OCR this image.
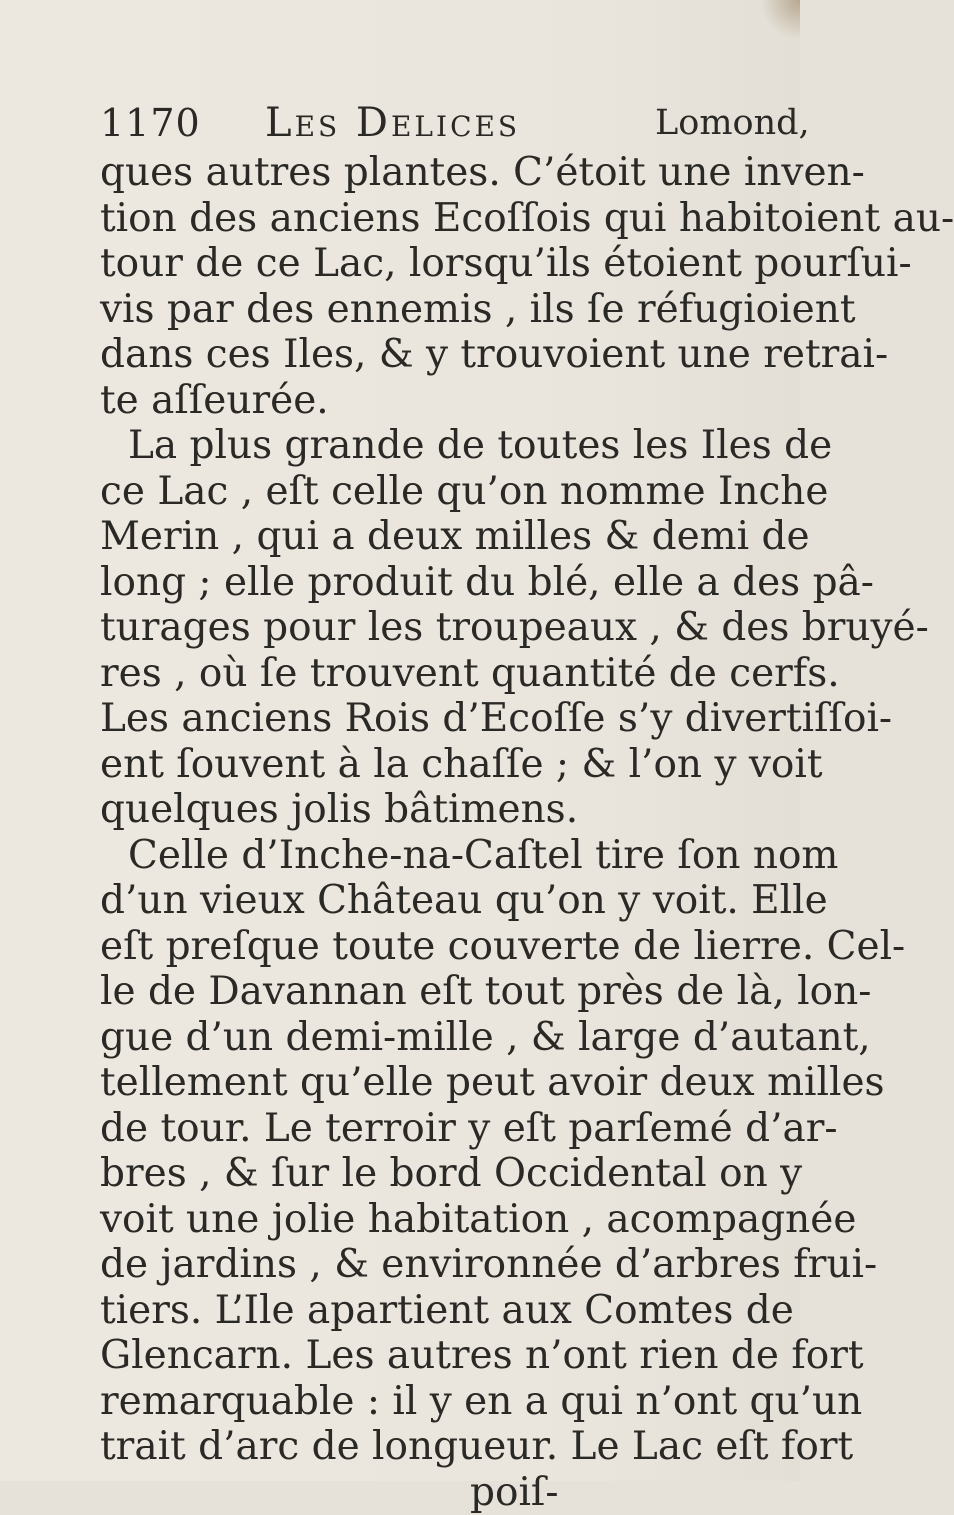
1170 Les Delices	Lomond,
ques autres plantes. C’étoit une inven-
tion des anciens Ecoſſois qui habitoient au-
tour de ce Lac, lorsqu’ils étoient pourſui-
vis par des ennemis , ils ſe réfugioient
dans ces Iles, & y trouvoient une retrai-
te aſſeurée.
La plus grande de toutes les Iles de
ce Lac , eſt celle qu’on nomme Inche
Merin , qui a deux milles & demi de
long ; elle produit du blé, elle a des pâ-
turages pour les troupeaux , & des bruyé-
res , où ſe trouvent quantité de cerfs.
Les anciens Rois d’Ecoſſe s’y divertiſſoi-
ent ſouvent à la chaſſe ; & l’on y voit
quelques jolis bâtimens.
Celle d’Inche-na-Caſtel tire ſon nom
d’un vieux Château qu’on y voit. Elle
eſt preſque toute couverte de lierre. Cel-
le de Davannan eſt tout près de là, lon-
gue d’un demi-mille , & large d’autant,
tellement qu’elle peut avoir deux milles
de tour. Le terroir y eſt parſemé d’ar-
bres , & ſur le bord Occidental on y
voit une jolie habitation , acompagnée
de jardins , & environnée d’arbres frui-
tiers. L’Ile apartient aux Comtes de
Glencarn. Les autres n’ont rien de fort
remarquable : il y en a qui n’ont qu’un
trait d’arc de longueur. Le Lac eſt fort
poiſ-
